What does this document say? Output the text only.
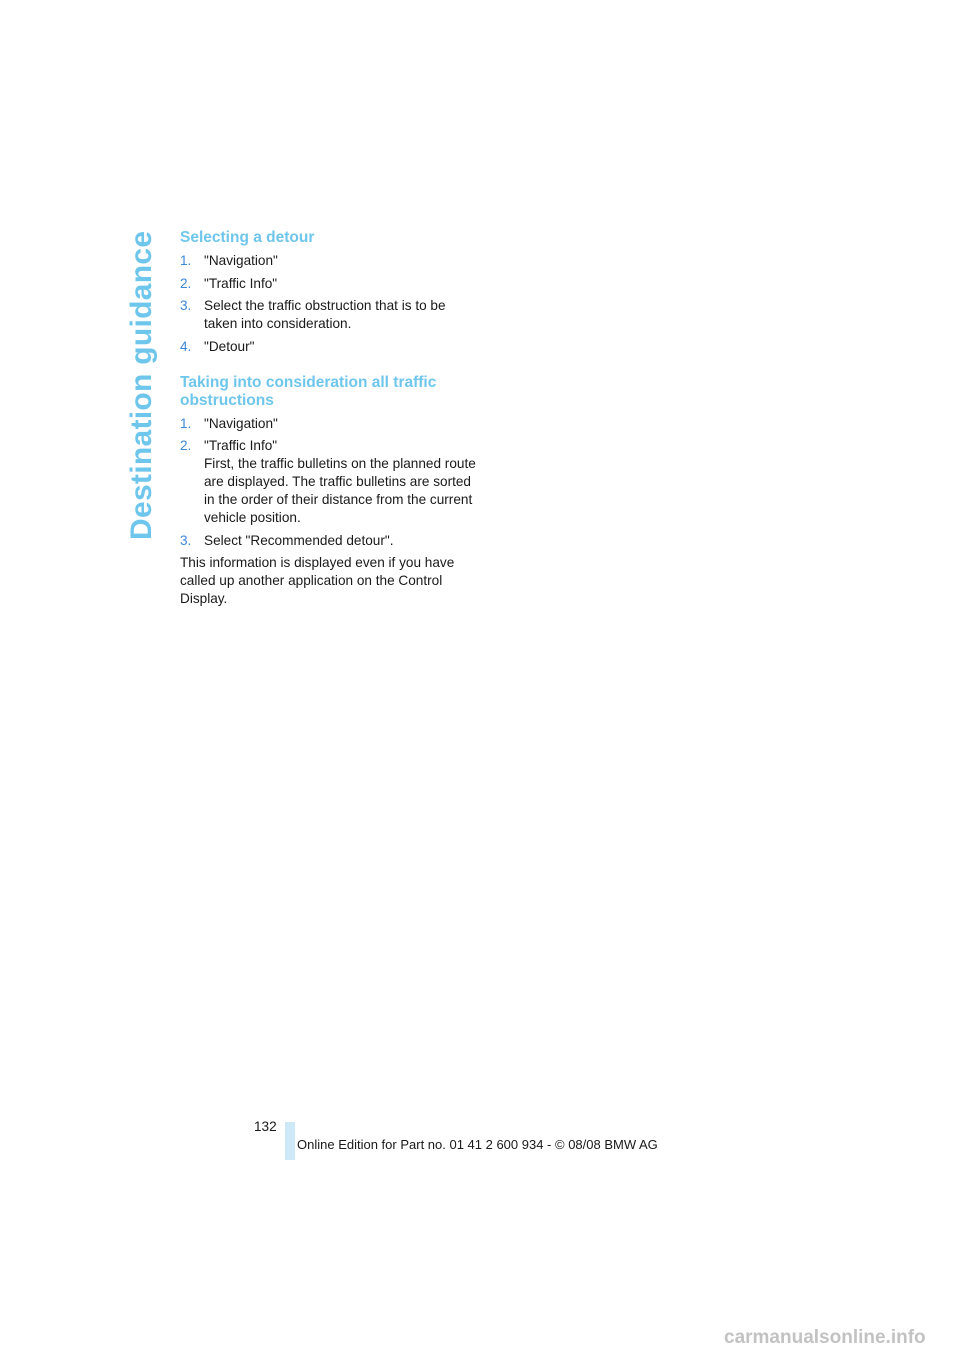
Destination guidance Selecting a detour
1. "Navigation"
2. "Traffic Info"
3. Select the traffic obstruction that is to be taken into consideration.
4. "Detour"
Taking into consideration all traffic obstructions
1. "Navigation"
2. "Traffic Info"
First, the traffic bulletins on the planned route are displayed. The traffic bulletins are sorted in the order of their distance from the current vehicle position.
3. Select "Recommended detour".

This information is displayed even if you have called up another application on the Control Display.

132
Online Edition for Part no. 01 41 2 600 934 - © 08/08 BMW AG
carmanualsonline.info
